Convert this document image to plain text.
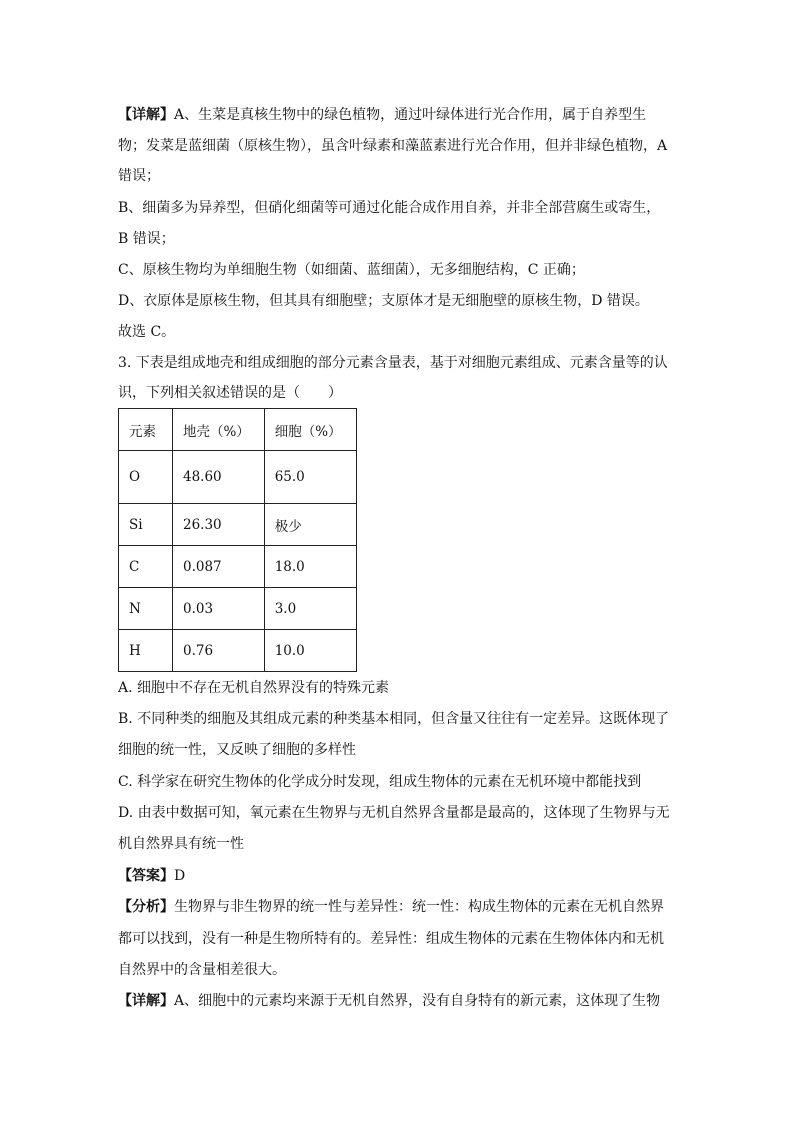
【详解】A、生菜是真核生物中的绿色植物，通过叶绿体进行光合作用，属于自养型生
物；发菜是蓝细菌（原核生物），虽含叶绿素和藻蓝素进行光合作用，但并非绿色植物，A
错误；
B、细菌多为异养型，但硝化细菌等可通过化能合成作用自养，并非全部营腐生或寄生，
B 错误；
C、原核生物均为单细胞生物（如细菌、蓝细菌），无多细胞结构，C 正确；
D、衣原体是原核生物，但其具有细胞壁；支原体才是无细胞壁的原核生物，D 错误。
故选 C。
3. 下表是组成地壳和组成细胞的部分元素含量表，基于对细胞元素组成、元素含量等的认
识，下列相关叙述错误的是（　　）
元素	地壳（%）	细胞（%）
O	48.60	65.0
Si	26.30	极少
C	0.087	18.0
N	0.03	3.0
H	0.76	10.0
A. 细胞中不存在无机自然界没有的特殊元素
B. 不同种类的细胞及其组成元素的种类基本相同，但含量又往往有一定差异。这既体现了
细胞的统一性，又反映了细胞的多样性
C. 科学家在研究生物体的化学成分时发现，组成生物体的元素在无机环境中都能找到
D. 由表中数据可知，氧元素在生物界与无机自然界含量都是最高的，这体现了生物界与无
机自然界具有统一性
【答案】D
【分析】生物界与非生物界的统一性与差异性：统一性：构成生物体的元素在无机自然界
都可以找到，没有一种是生物所特有的。差异性：组成生物体的元素在生物体体内和无机
自然界中的含量相差很大。
【详解】A、细胞中的元素均来源于无机自然界，没有自身特有的新元素，这体现了生物
